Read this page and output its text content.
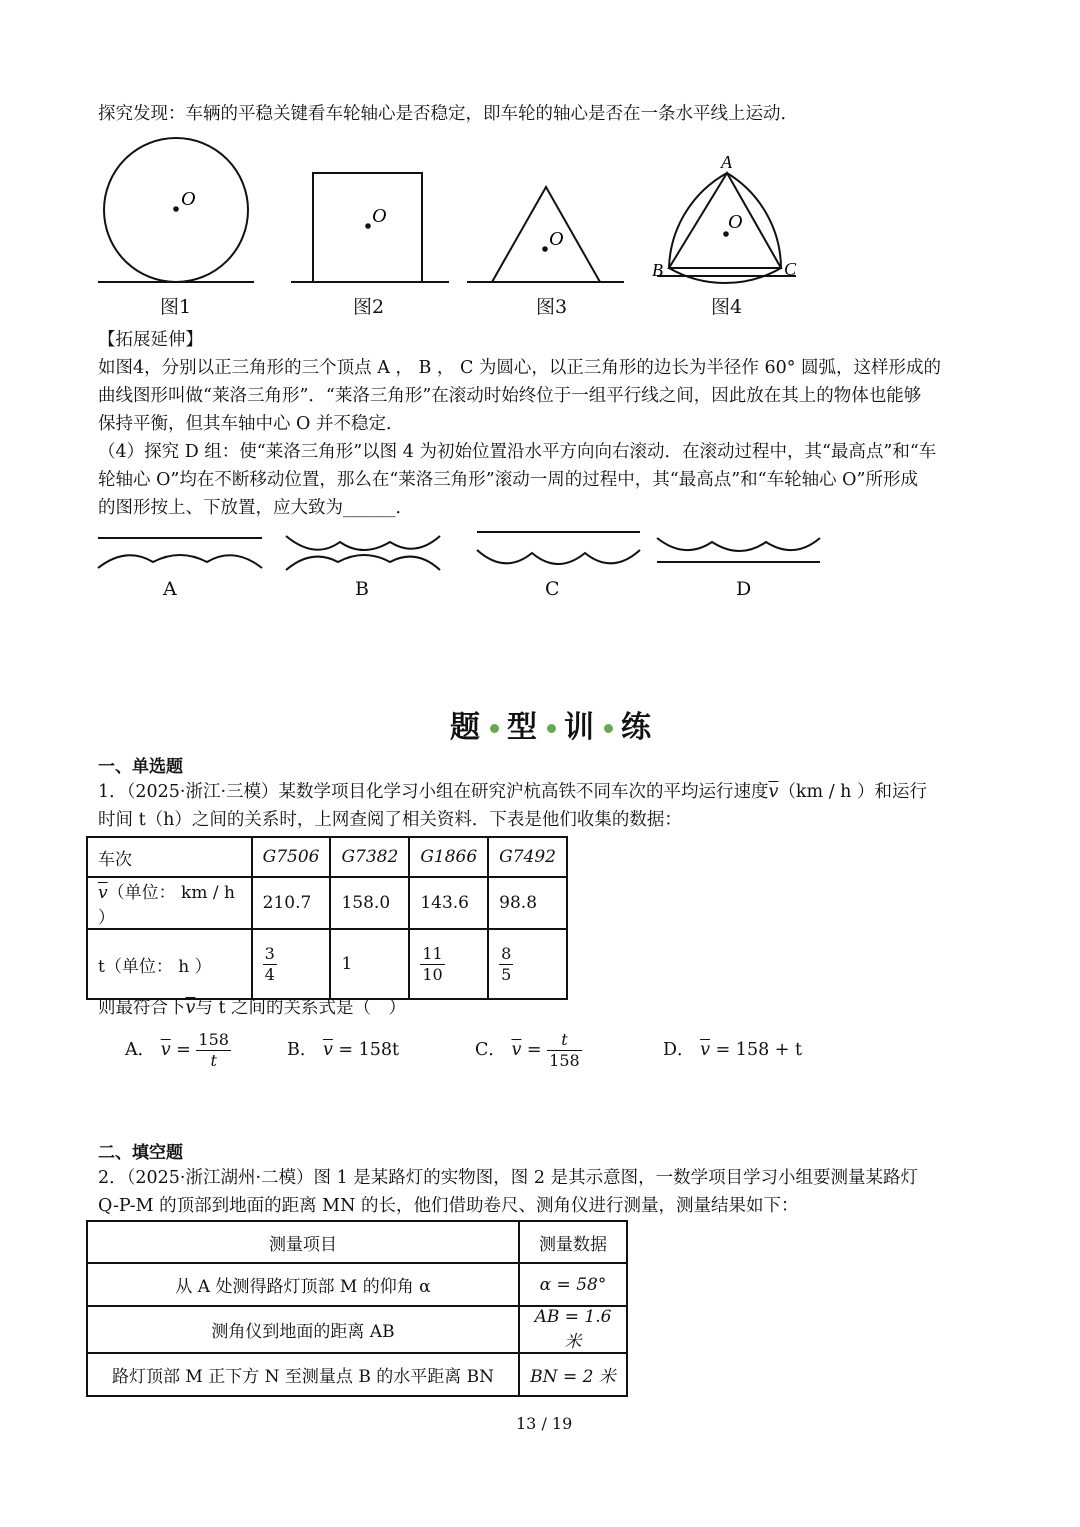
探究发现：车辆的平稳关键看车轮轴心是否稳定，即车轮的轴心是否在一条水平线上运动．
O
O
O
O
A
B	C
图1	图2	图3	图4
【拓展延伸】
如图4，分别以正三角形的三个顶点 A ， B ， C 为圆心，以正三角形的边长为半径作 60° 圆弧，这样形成的
曲线图形叫做“莱洛三角形”．“莱洛三角形”在滚动时始终位于一组平行线之间，因此放在其上的物体也能够
保持平衡，但其车轴中心 O 并不稳定．
（4）探究 D 组：使“莱洛三角形”以图 4 为初始位置沿水平方向向右滚动．在滚动过程中，其“最高点”和“车
轮轴心 O”均在不断移动位置，那么在“莱洛三角形”滚动一周的过程中，其“最高点”和“车轮轴心 O”所形成
的图形按上、下放置，应大致为______．
A	B	C	D
题 型 训 练
一、单选题
1．（2025·浙江·三模）某数学项目化学习小组在研究沪杭高铁不同车次的平均运行速度$\overline{v}(km$ / h ）和运行
时间 t（h）之间的关系时，上网查阅了相关资料．下表是他们收集的数据：
车次	G7506	G7382	G1866	G7492
$\overline{v}$（单位： km / h ）	210.7	158.0	143.6	98.8
t（单位： h ）	$\frac{3}{4}$	1	$\frac{11}{10}$	$\frac{8}{5}$
则最符合下$\overline{v}$与 t 之间的关系式是（　）
A． $\overline{v} = \frac{158}{t}$	B． $\overline{v} = 158t$	C． $\overline{v} = \frac{t}{158}$	D． $\overline{v} = 158 + t$
二、填空题
2．（2025·浙江湖州·二模）图 1 是某路灯的实物图，图 2 是其示意图，一数学项目学习小组要测量某路灯
Q-P-M 的顶部到地面的距离 MN 的长，他们借助卷尺、测角仪进行测量，测量结果如下：
测量项目	测量数据
从 A 处测得路灯顶部 M 的仰角 α	α = 58°
测角仪到地面的距离 AB	AB = 1.6 米
路灯顶部 M 正下方 N 至测量点 B 的水平距离 BN	BN = 2 米
13 / 19
